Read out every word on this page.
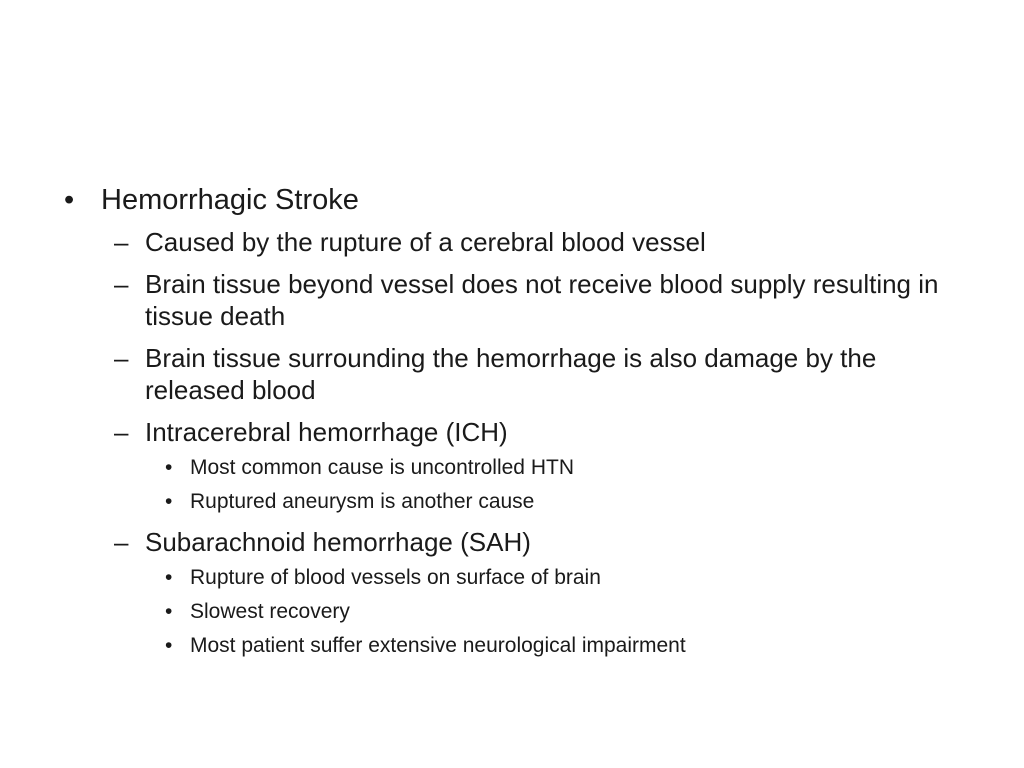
• Hemorrhagic Stroke
– Caused by the rupture of a cerebral blood vessel
– Brain tissue beyond vessel does not receive blood supply resulting in tissue death
– Brain tissue surrounding the hemorrhage is also damage by the released blood
– Intracerebral hemorrhage (ICH)
• Most common cause is uncontrolled HTN
• Ruptured aneurysm is another cause
– Subarachnoid hemorrhage (SAH)
• Rupture of blood vessels on surface of brain
• Slowest recovery
• Most patient suffer extensive neurological impairment
